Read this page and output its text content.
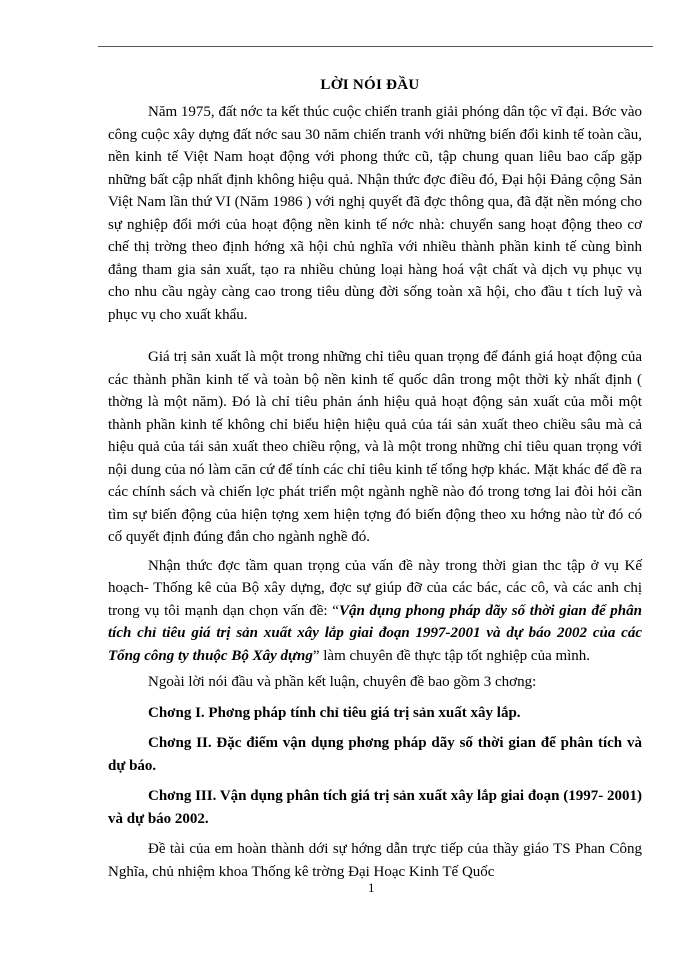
LỜI NÓI ĐẦU

Năm 1975, đất nớc ta kết thúc cuộc chiến tranh giải phóng dân tộc vĩ đại. Bớc vào công cuộc xây dựng đất nớc sau 30 năm chiến tranh với những biến đổi kinh tế toàn cầu, nền kinh tế Việt Nam hoạt động với phong thức cũ, tập chung quan liêu bao cấp gặp những bất cập nhất định không hiệu quả. Nhận thức đợc điều đó, Đại hội Đảng cộng Sản Việt Nam lần thứ VI (Năm 1986 ) với nghị quyết đã đợc thông qua, đã đặt nền móng cho sự nghiệp đổi mới của hoạt động nền kinh tế nớc nhà: chuyển sang hoạt động theo cơ chế thị trờng theo định hớng xã hội chủ nghĩa với nhiều thành phần kinh tế cùng bình đẳng tham gia sản xuất, tạo ra nhiều chủng loại hàng hoá vật chất và dịch vụ phục vụ cho nhu cầu ngày càng cao trong tiêu dùng đời sống toàn xã hội, cho đầu t tích luỹ và phục vụ cho xuất khẩu.

Giá trị sản xuất là một trong những chỉ tiêu quan trọng để đánh giá hoạt động của các thành phần kinh tế và toàn bộ nền kinh tế quốc dân trong một thời kỳ nhất định ( thờng là một năm). Đó là chỉ tiêu phản ánh hiệu quả hoạt động sản xuất của mỗi một thành phần kinh tế không chỉ biểu hiện hiệu quả của tái sản xuất theo chiều sâu mà cả hiệu quả của tái sản xuất theo chiều rộng, và là một trong những chỉ tiêu quan trọng với nội dung của nó làm căn cứ để tính các chỉ tiêu kinh tế tổng hợp khác. Mặt khác để đề ra các chính sách và chiến lợc phát triển một ngành nghề nào đó trong tơng lai đòi hỏi cần tìm sự biến động của hiện tợng xem hiện tợng đó biến động theo xu hớng nào từ đó có cố quyết định đúng đắn cho ngành nghề đó.

Nhận thức đợc tầm quan trọng của vấn đề này trong thời gian thc tập ở vụ Kế hoạch- Thống kê của Bộ xây dựng, đợc sự giúp đỡ của các bác, các cô, và các anh chị trong vụ tôi mạnh dạn chọn vấn đề: “Vận dụng phong pháp dãy số thời gian để phân tích chỉ tiêu giá trị sản xuất xây lắp giai đoạn 1997-2001 và dự báo 2002 của các Tổng công ty thuộc Bộ Xây dựng” làm chuyên đề thực tập tốt nghiệp của mình.

Ngoài lời nói đầu và phần kết luận, chuyên đề bao gồm 3 chơng:

Chơng I. Phơng pháp tính chỉ tiêu giá trị sản xuất xây lắp.

Chơng II. Đặc điểm vận dụng phơng pháp dãy số thời gian để phân tích và dự báo.

Chơng III. Vận dụng phân tích giá trị sản xuất xây lắp giai đoạn (1997- 2001) và dự báo 2002.

Đề tài của em hoàn thành dới sự hớng dẫn trực tiếp của thầy giáo TS Phan Công Nghĩa, chủ nhiệm khoa Thống kê trờng Đại Hoạc Kinh Tế Quốc

1
